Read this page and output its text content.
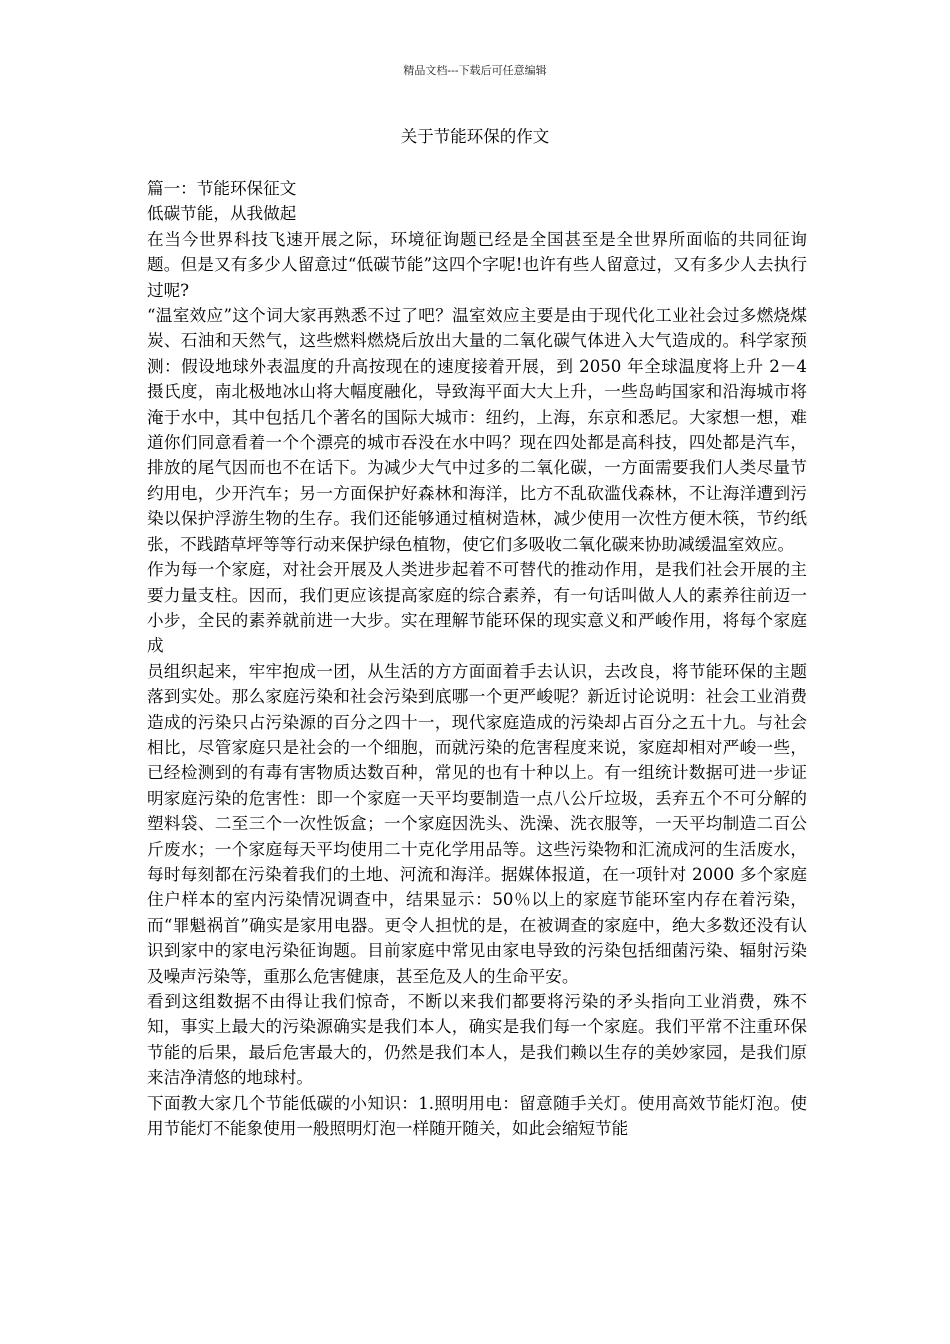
精品文档---下载后可任意编辑
关于节能环保的作文

篇一：节能环保征文

低碳节能，从我做起

在当今世界科技飞速开展之际，环境征询题已经是全国甚至是全世界所面临的共同征询题。但是又有多少人留意过“低碳节能”这四个字呢!也许有些人留意过，又有多少人去执行过呢?

“温室效应”这个词大家再熟悉不过了吧？温室效应主要是由于现代化工业社会过多燃烧煤炭、石油和天然气，这些燃料燃烧后放出大量的二氧化碳气体进入大气造成的。科学家预测：假设地球外表温度的升高按现在的速度接着开展，到 2050 年全球温度将上升 2－4 摄氏度，南北极地冰山将大幅度融化，导致海平面大大上升，一些岛屿国家和沿海城市将淹于水中，其中包括几个著名的国际大城市：纽约，上海，东京和悉尼。大家想一想，难道你们同意看着一个个漂亮的城市吞没在水中吗？现在四处都是高科技，四处都是汽车，排放的尾气因而也不在话下。为减少大气中过多的二氧化碳，一方面需要我们人类尽量节约用电，少开汽车；另一方面保护好森林和海洋，比方不乱砍滥伐森林，不让海洋遭到污染以保护浮游生物的生存。我们还能够通过植树造林，减少使用一次性方便木筷，节约纸张，不践踏草坪等等行动来保护绿色植物，使它们多吸收二氧化碳来协助减缓温室效应。

作为每一个家庭，对社会开展及人类进步起着不可替代的推动作用，是我们社会开展的主要力量支柱。因而，我们更应该提高家庭的综合素养，有一句话叫做人人的素养往前迈一小步，全民的素养就前进一大步。实在理解节能环保的现实意义和严峻作用，将每个家庭成

员组织起来，牢牢抱成一团，从生活的方方面面着手去认识，去改良，将节能环保的主题落到实处。那么家庭污染和社会污染到底哪一个更严峻呢？新近讨论说明：社会工业消费造成的污染只占污染源的百分之四十一，现代家庭造成的污染却占百分之五十九。与社会相比，尽管家庭只是社会的一个细胞，而就污染的危害程度来说，家庭却相对严峻一些，已经检测到的有毒有害物质达数百种，常见的也有十种以上。有一组统计数据可进一步证明家庭污染的危害性：即一个家庭一天平均要制造一点八公斤垃圾，丢弃五个不可分解的塑料袋、二至三个一次性饭盒；一个家庭因洗头、洗澡、洗衣服等，一天平均制造二百公斤废水；一个家庭每天平均使用二十克化学用品等。这些污染物和汇流成河的生活废水，每时每刻都在污染着我们的土地、河流和海洋。据媒体报道，在一项针对 2000 多个家庭住户样本的室内污染情况调查中，结果显示：50％以上的家庭节能环室内存在着污染，而“罪魁祸首”确实是家用电器。更令人担忧的是，在被调查的家庭中，绝大多数还没有认识到家中的家电污染征询题。目前家庭中常见由家电导致的污染包括细菌污染、辐射污染及噪声污染等，重那么危害健康，甚至危及人的生命平安。

看到这组数据不由得让我们惊奇，不断以来我们都要将污染的矛头指向工业消费，殊不知，事实上最大的污染源确实是我们本人，确实是我们每一个家庭。我们平常不注重环保节能的后果，最后危害最大的，仍然是我们本人，是我们赖以生存的美妙家园，是我们原来洁净清悠的地球村。

下面教大家几个节能低碳的小知识：1.照明用电：留意随手关灯。使用高效节能灯泡。使用节能灯不能象使用一般照明灯泡一样随开随关，如此会缩短节能
